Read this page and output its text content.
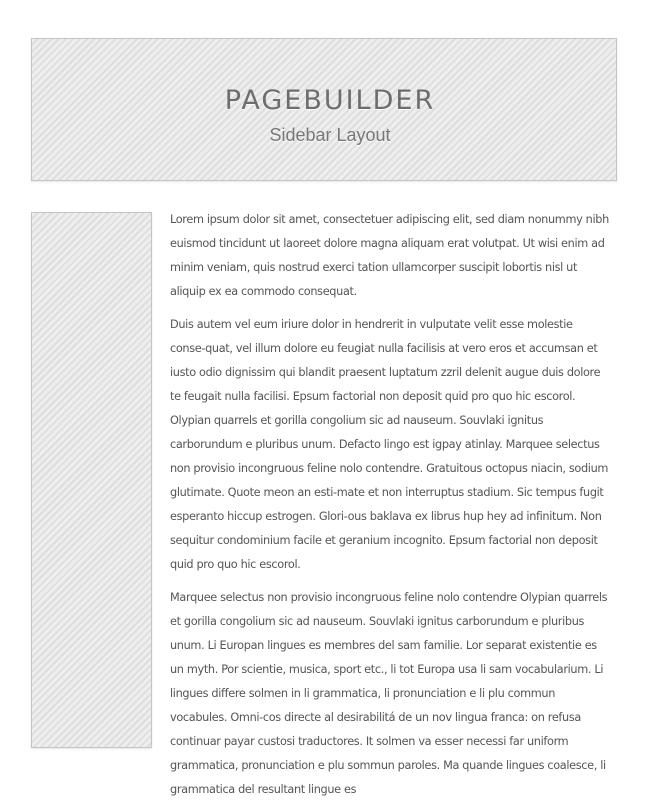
PAGEBUILDER
Sidebar Layout

Lorem ipsum dolor sit amet, consectetuer adipiscing elit, sed diam nonummy nibh euismod tincidunt ut laoreet dolore magna aliquam erat volutpat. Ut wisi enim ad minim veniam, quis nostrud exerci tation ullamcorper suscipit lobortis nisl ut aliquip ex ea commodo consequat.

Duis autem vel eum iriure dolor in hendrerit in vulputate velit esse molestie conse-quat, vel illum dolore eu feugiat nulla facilisis at vero eros et accumsan et iusto odio dignissim qui blandit praesent luptatum zzril delenit augue duis dolore te feugait nulla facilisi. Epsum factorial non deposit quid pro quo hic escorol. Olypian quarrels et gorilla congolium sic ad nauseum. Souvlaki ignitus carborundum e pluribus unum. Defacto lingo est igpay atinlay. Marquee selectus non provisio incongruous feline nolo contendre. Gratuitous octopus niacin, sodium glutimate. Quote meon an esti-mate et non interruptus stadium. Sic tempus fugit esperanto hiccup estrogen. Glori-ous baklava ex librus hup hey ad infinitum. Non sequitur condominium facile et geranium incognito. Epsum factorial non deposit quid pro quo hic escorol.

Marquee selectus non provisio incongruous feline nolo contendre Olypian quarrels et gorilla congolium sic ad nauseum. Souvlaki ignitus carborundum e pluribus unum. Li Europan lingues es membres del sam familie. Lor separat existentie es un myth. Por scientie, musica, sport etc., li tot Europa usa li sam vocabularium. Li lingues differe solmen in li grammatica, li pronunciation e li plu commun vocabules. Omni-cos directe al desirabilitá de un nov lingua franca: on refusa continuar payar custosi traductores. It solmen va esser necessi far uniform grammatica, pronunciation e plu sommun paroles. Ma quande lingues coalesce, li grammatica del resultant lingue es
